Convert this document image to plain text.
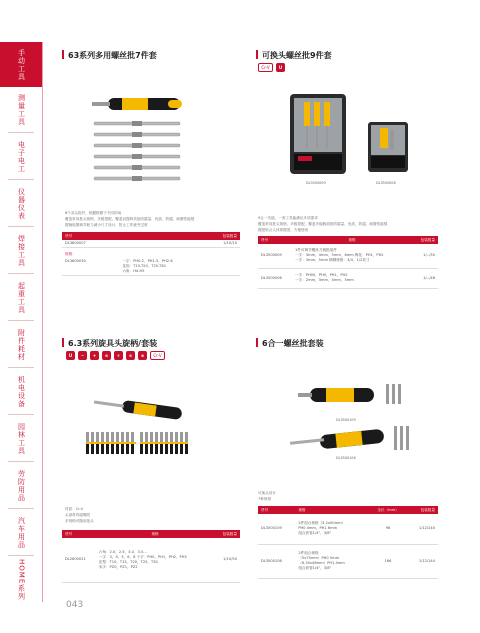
手动工具
测量工具
电子电工
仪器仪表
焊接工具
起重工具
附件耗材
机电设备
园林工具
劳防用品
汽车用品
HOME系列
63系列多用螺丝批7件套
6个双头批杆，柄握推精于不同的场
覆盖常用批头规格，多级搭配，覆盖双握种类批防腐量，优质，防腐，耐磨性能强
握柄取握调节耗力减小尺寸设计，防止工作疲劳过度
货号	包装数量
DL3600007	1/10/10
规格：	
DL3600030	一字：PH0-2，PH1-5，PH2-6
花形：T15-T20，T25-T30
六角：H4-H5
可换头螺丝批9件套
Cr-V	U
DL3500009	DL3500006
9合一功能，一套工具能满足多项需求
覆盖常用批头规格，多级搭配，覆盖多能截面批防腐量，优质，防腐，耐磨性能强
握把贴合人体掌握度，方便使用
货号	规格	包装数量
DL3500009	1件可调节螺丝刀柄批组件
一字：3mm，4mm，5mm，6mm 梅花：PH1，PH2
一字：3mm，5mm 精钢规格：3/4，1/2英寸	1/--/50
DL3500006	一字：PH00，PH0，PH1，PH2
一字：2mm，3mm，4mm，5mm	1/--/48
6.3系列旋具头旋柄/套装
U	−	+	⊘	✳	⊙	⊗	Cr-V
材质：Cr-V
头部带有磁吸附
多规格可随用批头
货号	规格	包装数量
DL2600021	六角：2.0，2.5，3.0，3.5...
一字：3，4，5，6，8 十字：PH0，PH1，PH2，PH3
花型：T10，T15，T20，T25，T30
米字：PZ0，PZ1，PZ2	1/10/50
6合一螺丝批套装
DL3500109
DL3500106
可换头设计
7种规格
货号	规格	全长（mm）	包装数量
DL3500109	2件组合规格（3.2x50mm）
PH0 4mm，PH1 6mm
组合套管1/4"，3/8"	96	1/12/240
DL3500106	2件组合规格
（5x75mm）PH0 5mm
（6.35x48mm）PH1 4mm
组合套管1/4"，3/8"	166	1/12/144
043
